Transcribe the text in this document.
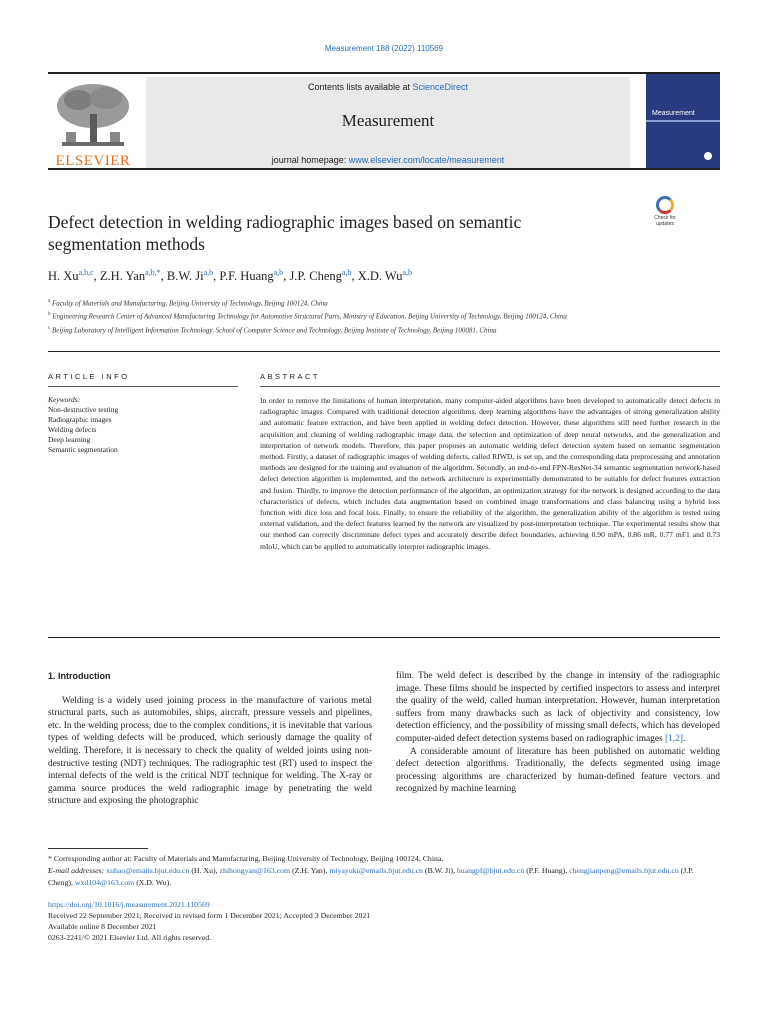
Measurement 188 (2022) 110569
ELSEVIER
Contents lists available at ScienceDirect
Measurement
journal homepage: www.elsevier.com/locate/measurement
Measurement
Defect detection in welding radiographic images based on semantic segmentation methods
Check for updates
H. Xu$^{a,b,c}$, Z.H. Yan$^{a,b,*}$, B.W. Ji$^{a,b}$, P.F. Huang$^{a,b}$, J.P. Cheng$^{a,b}$, X.D. Wu$^{a,b}$
$^a$ Faculty of Materials and Manufacturing, Beijing University of Technology, Beijing 100124, China
$^b$ Engineering Research Center of Advanced Manufacturing Technology for Automotive Structural Parts, Ministry of Education, Beijing University of Technology, Beijing 100124, China
$^c$ Beijing Laboratory of Intelligent Information Technology, School of Computer Science and Technology, Beijing Institute of Technology, Beijing 100081, China
ARTICLE INFO	ABSTRACT
Keywords:
Non-destructive testing
Radiographic images
Welding defects
Deep learning
Semantic segmentation
In order to remove the limitations of human interpretation, many computer-aided algorithms have been developed to automatically detect defects in radiographic images. Compared with traditional detection algorithms, deep learning algorithms have the advantages of strong generalization ability and automatic feature extraction, and have been applied in welding defect detection. However, these algorithms still need further research in the acquisition and cleaning of welding radiographic image data, the selection and optimization of deep neural networks, and the generalization and interpretation of network models. Therefore, this paper proposes an automatic welding defect detection system based on semantic segmentation method. Firstly, a dataset of radiographic images of welding defects, called RIWD, is set up, and the corresponding data preprocessing and annotation methods are designed for the training and evaluation of the algorithm. Secondly, an end-to-end FPN-ResNet-34 semantic segmentation network-based defect detection algorithm is implemented, and the network architecture is experimentally demonstrated to be suitable for defect features extraction and fusion. Thirdly, to improve the detection performance of the algorithm, an optimization strategy for the network is designed according to the data characteristics of defects, which includes data augmentation based on combined image transformations and class balancing using a hybrid loss function with dice loss and focal loss. Finally, to ensure the reliability of the algorithm, the generalization ability of the algorithm is tested using external validation, and the defect features learned by the network are visualized by post-interpretation technique. The experimental results show that our method can correctly discriminate defect types and accurately describe defect boundaries, achieving 0.90 mPA, 0.86 mR, 0.77 mF1 and 0.73 mIoU, which can be applied to automatically interpret radiographic images.
1. Introduction

Welding is a widely used joining process in the manufacture of various metal structural parts, such as automobiles, ships, aircraft, pressure vessels and pipelines, etc. In the welding process, due to the complex conditions, it is inevitable that various types of welding defects will be produced, which seriously damage the quality of welding. Therefore, it is necessary to check the quality of welded joints using non-destructive testing (NDT) techniques. The radiographic test (RT) used to inspect the internal defects of the weld is the critical NDT technique for welding. The X-ray or gamma source produces the weld radiographic image by penetrating the weld structure and exposing the photographic

film. The weld defect is described by the change in intensity of the radiographic image. These films should be inspected by certified inspectors to assess and interpret the quality of the weld, called human interpretation. However, human interpretation suffers from many drawbacks such as lack of objectivity and consistency, low detection efficiency, and the possibility of missing small defects, which has developed computer-aided defect detection systems based on radiographic images [1,2].

A considerable amount of literature has been published on automatic welding defect detection algorithms. Traditionally, the defects segmented using image processing algorithms are characterized by human-defined feature vectors and recognized by machine learning

* Corresponding author at: Faculty of Materials and Manufacturing, Beijing University of Technology, Beijing 100124, China.
E-mail addresses: xuhao@emails.bjut.edu.cn (H. Xu), zhihongyan@163.com (Z.H. Yan), miyayuki@emails.bjut.edu.cn (B.W. Ji), huangpf@bjut.edu.cn (P.F. Huang), chengjianpeng@emails.bjut.edu.cn (J.P. Cheng), wxd104@163.com (X.D. Wu).
https://doi.org/10.1016/j.measurement.2021.110569
Received 22 September 2021; Received in revised form 1 December 2021; Accepted 3 December 2021
Available online 8 December 2021
0263-2241/© 2021 Elsevier Ltd. All rights reserved.
